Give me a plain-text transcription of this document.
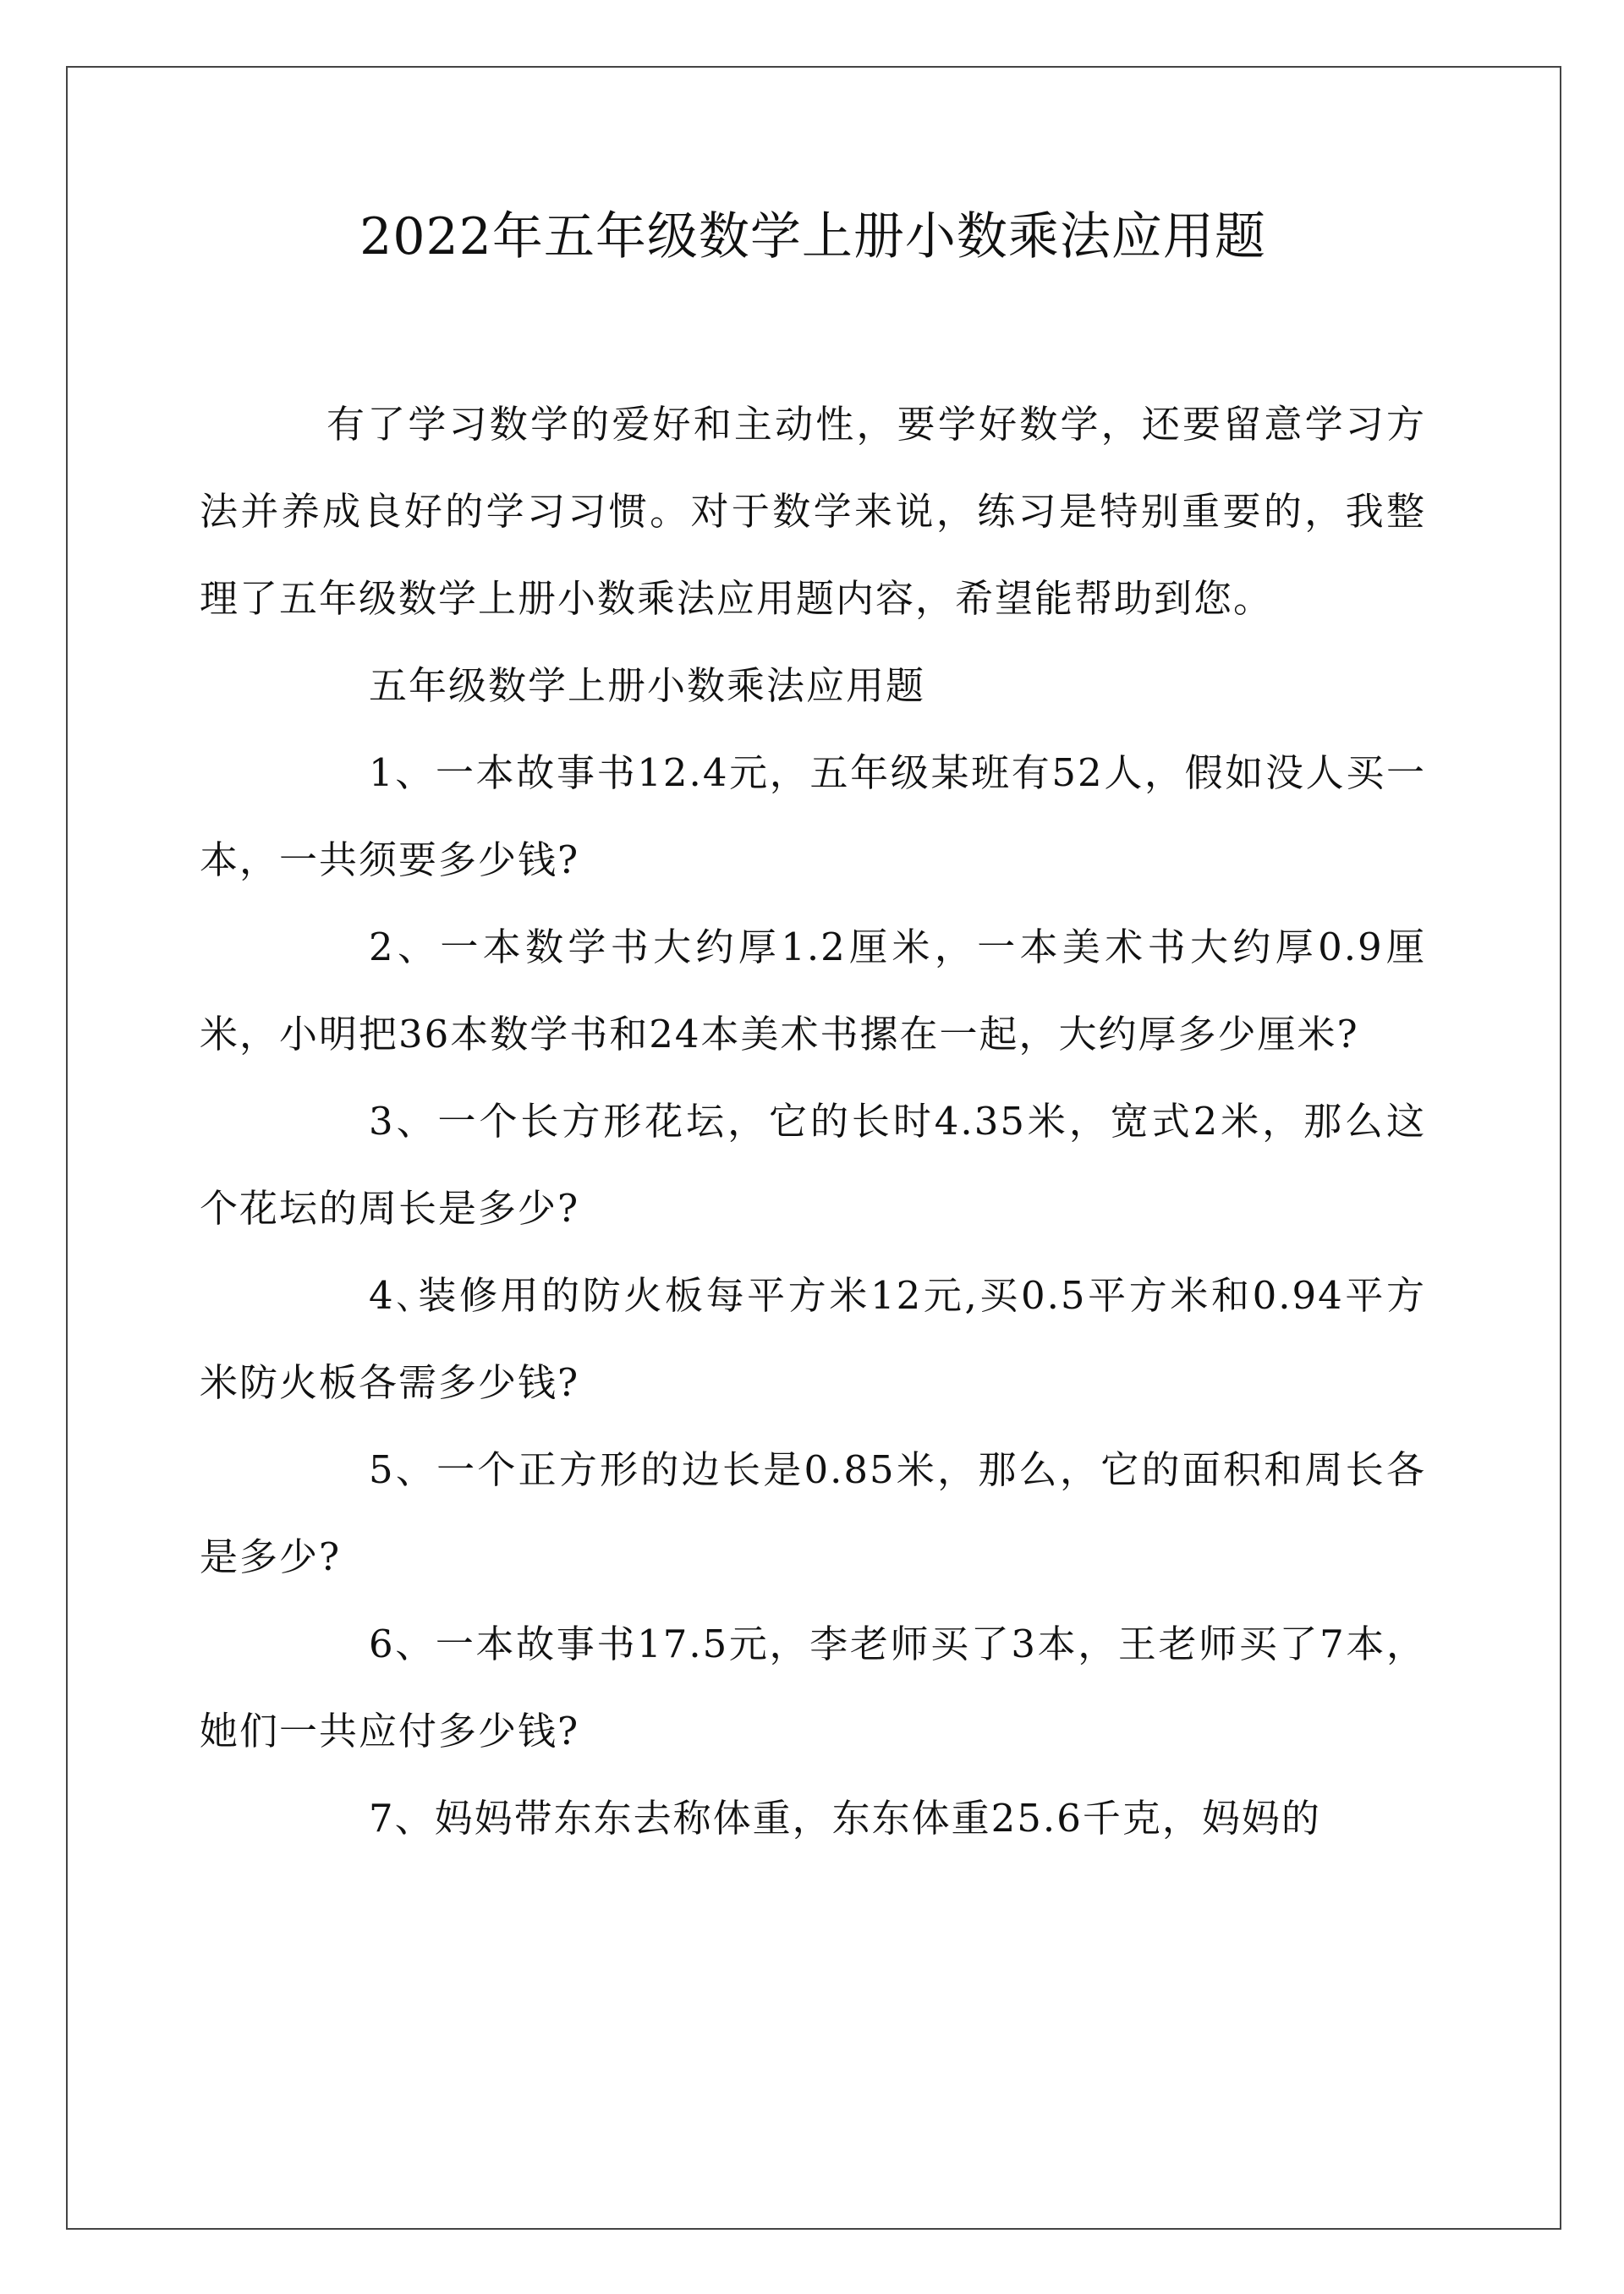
2022年五年级数学上册小数乘法应用题

有了学习数学的爱好和主动性，要学好数学，还要留意学习方法并养成良好的学习习惯。对于数学来说，练习是特别重要的，我整理了五年级数学上册小数乘法应用题内容，希望能帮助到您。

五年级数学上册小数乘法应用题

1、一本故事书12.4元，五年级某班有52人，假如没人买一本，一共须要多少钱?

2、一本数学书大约厚1.2厘米，一本美术书大约厚0.9厘米，小明把36本数学书和24本美术书摞在一起，大约厚多少厘米?

3、一个长方形花坛，它的长时4.35米，宽式2米，那么这个花坛的周长是多少?

4､装修用的防火板每平方米12元,买0.5平方米和0.94平方米防火板各需多少钱?

5、一个正方形的边长是0.85米，那么，它的面积和周长各是多少?

6、一本故事书17.5元，李老师买了3本，王老师买了7本，她们一共应付多少钱?

7、妈妈带东东去称体重，东东体重25.6千克，妈妈的
